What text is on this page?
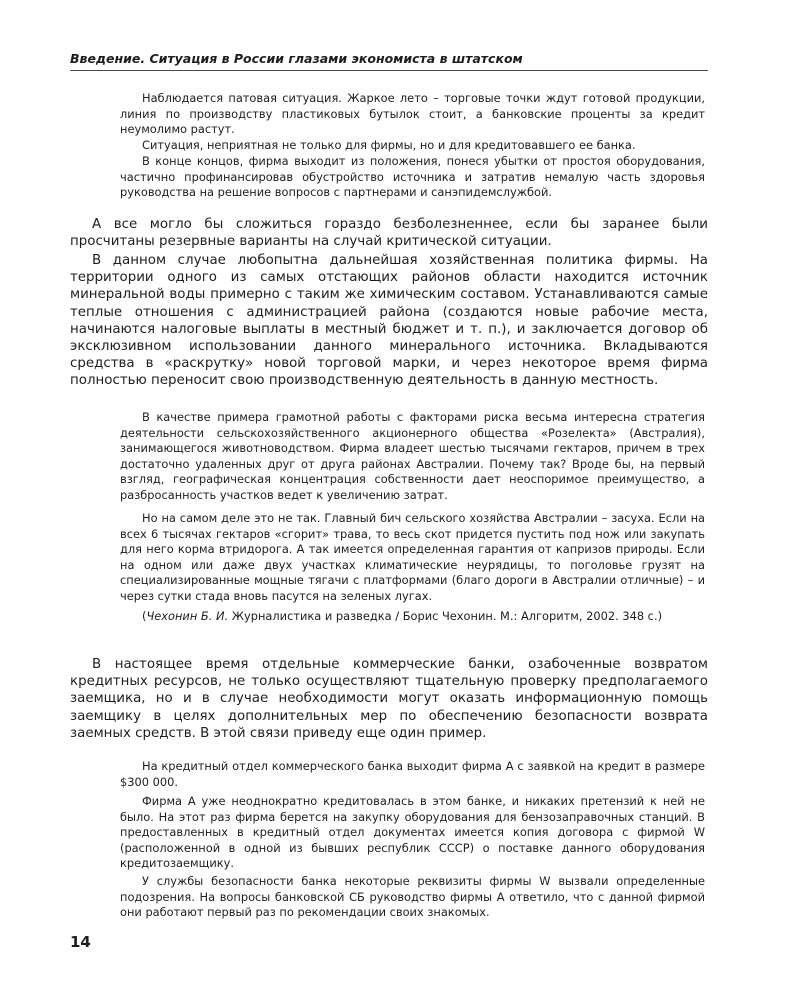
Введение. Ситуация в России глазами экономиста в штатском

Наблюдается патовая ситуация. Жаркое лето – торговые точки ждут готовой продукции, линия по производству пластиковых бутылок стоит, а банковские проценты за кредит неумолимо растут.

Ситуация, неприятная не только для фирмы, но и для кредитовавшего ее банка.

В конце концов, фирма выходит из положения, понеся убытки от простоя оборудования, частично профинансировав обустройство источника и затратив немалую часть здоровья руководства на решение вопросов с партнерами и санэпидемслужбой.

А все могло бы сложиться гораздо безболезненнее, если бы заранее были просчитаны резервные варианты на случай критической ситуации.

В данном случае любопытна дальнейшая хозяйственная политика фирмы. На территории одного из самых отстающих районов области находится источник минеральной воды примерно с таким же химическим составом. Устанавливаются самые теплые отношения с администрацией района (создаются новые рабочие места, начинаются налоговые выплаты в местный бюджет и т. п.), и заключается договор об эксклюзивном использовании данного минерального источника. Вкладываются средства в «раскрутку» новой торговой марки, и через некоторое время фирма полностью переносит свою производственную деятельность в данную местность.

В качестве примера грамотной работы с факторами риска весьма интересна стратегия деятельности сельскохозяйственного акционерного общества «Розелекта» (Австралия), занимающегося животноводством. Фирма владеет шестью тысячами гектаров, причем в трех достаточно удаленных друг от друга районах Австралии. Почему так? Вроде бы, на первый взгляд, географическая концентрация собственности дает неоспоримое преимущество, а разбросанность участков ведет к увеличению затрат.

Но на самом деле это не так. Главный бич сельского хозяйства Австралии – засуха. Если на всех 6 тысячах гектаров «сгорит» трава, то весь скот придется пустить под нож или закупать для него корма втридорога. А так имеется определенная гарантия от капризов природы. Если на одном или даже двух участках климатические неурядицы, то поголовье грузят на специализированные мощные тягачи с платформами (благо дороги в Австралии отличные) – и через сутки стада вновь пасутся на зеленых лугах.

(Чехонин Б. И. Журналистика и разведка / Борис Чехонин. М.: Алгоритм, 2002. 348 с.)

В настоящее время отдельные коммерческие банки, озабоченные возвратом кредитных ресурсов, не только осуществляют тщательную проверку предполагаемого заемщика, но и в случае необходимости могут оказать информационную помощь заемщику в целях дополнительных мер по обеспечению безопасности возврата заемных средств. В этой связи приведу еще один пример.

На кредитный отдел коммерческого банка выходит фирма А с заявкой на кредит в размере $300 000.

Фирма А уже неоднократно кредитовалась в этом банке, и никаких претензий к ней не было. На этот раз фирма берется на закупку оборудования для бензозаправочных станций. В предоставленных в кредитный отдел документах имеется копия договора с фирмой W (расположенной в одной из бывших республик СССР) о поставке данного оборудования кредитозаемщику.

У службы безопасности банка некоторые реквизиты фирмы W вызвали определенные подозрения. На вопросы банковской СБ руководство фирмы А ответило, что с данной фирмой они работают первый раз по рекомендации своих знакомых.

14
